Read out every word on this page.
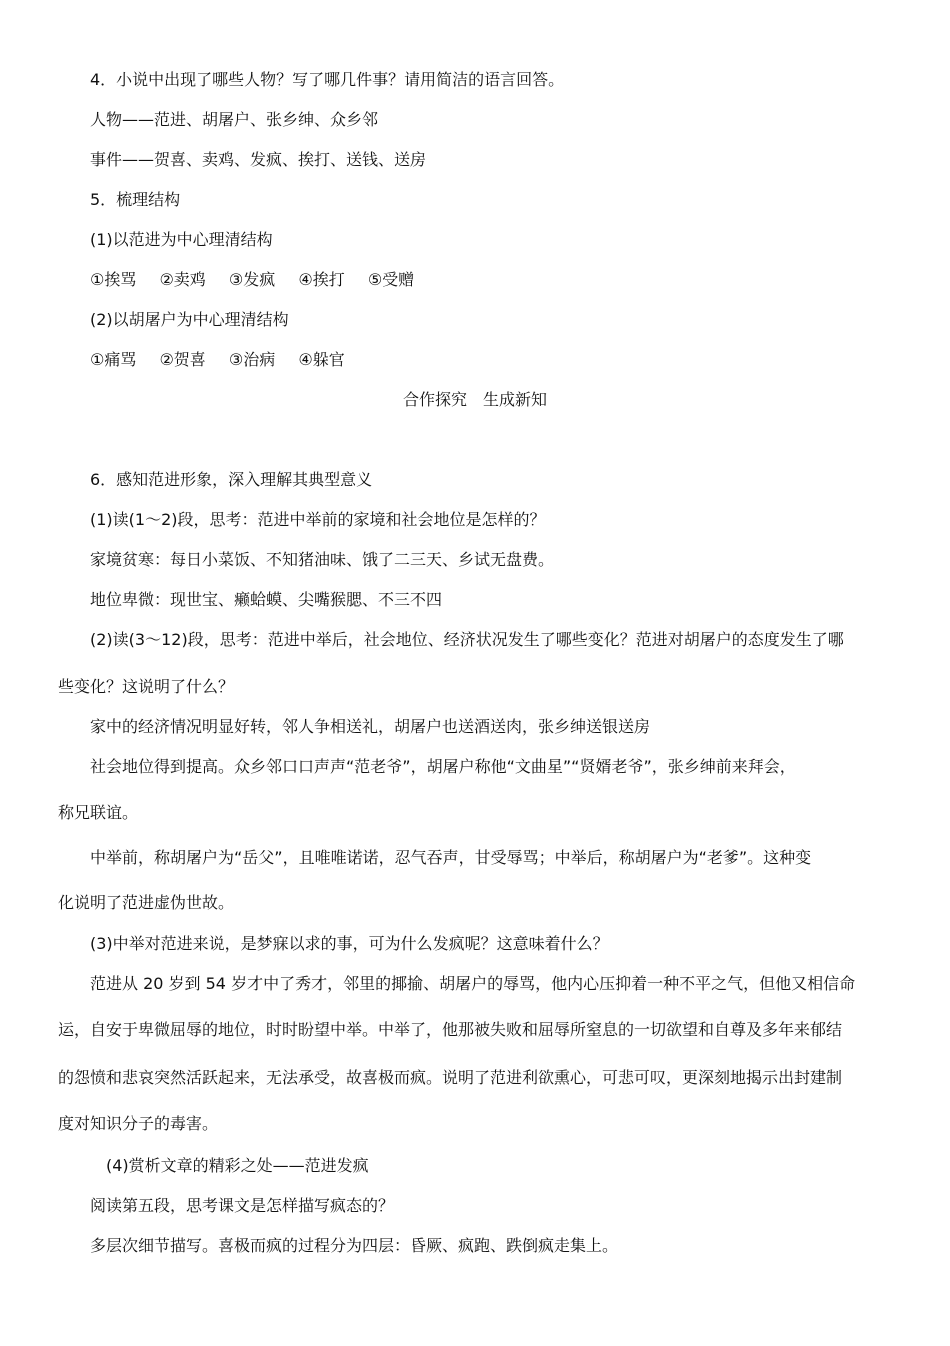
4．小说中出现了哪些人物？写了哪几件事？请用简洁的语言回答。
人物——范进、胡屠户、张乡绅、众乡邻
事件——贺喜、卖鸡、发疯、挨打、送钱、送房
5．梳理结构
(1)以范进为中心理清结构
①挨骂 ②卖鸡 ③发疯 ④挨打 ⑤受赠
(2)以胡屠户为中心理清结构
①痛骂 ②贺喜 ③治病 ④躲官
合作探究　生成新知
6．感知范进形象，深入理解其典型意义
(1)读(1～2)段，思考：范进中举前的家境和社会地位是怎样的？
家境贫寒：每日小菜饭、不知猪油味、饿了二三天、乡试无盘费。
地位卑微：现世宝、癞蛤蟆、尖嘴猴腮、不三不四
(2)读(3～12)段，思考：范进中举后，社会地位、经济状况发生了哪些变化？范进对胡屠户的态度发生了哪
些变化？这说明了什么？
家中的经济情况明显好转，邻人争相送礼，胡屠户也送酒送肉，张乡绅送银送房
社会地位得到提高。众乡邻口口声声“范老爷”，胡屠户称他“文曲星”“贤婿老爷”，张乡绅前来拜会，
称兄联谊。
中举前，称胡屠户为“岳父”，且唯唯诺诺，忍气吞声，甘受辱骂；中举后，称胡屠户为“老爹”。这种变
化说明了范进虚伪世故。
(3)中举对范进来说，是梦寐以求的事，可为什么发疯呢？这意味着什么？
范进从 20 岁到 54 岁才中了秀才，邻里的揶揄、胡屠户的辱骂，他内心压抑着一种不平之气，但他又相信命
运，自安于卑微屈辱的地位，时时盼望中举。中举了，他那被失败和屈辱所窒息的一切欲望和自尊及多年来郁结
的怨愤和悲哀突然活跃起来，无法承受，故喜极而疯。说明了范进利欲熏心，可悲可叹，更深刻地揭示出封建制
度对知识分子的毒害。
(4)赏析文章的精彩之处——范进发疯
阅读第五段，思考课文是怎样描写疯态的？
多层次细节描写。喜极而疯的过程分为四层：昏厥、疯跑、跌倒疯走集上。
